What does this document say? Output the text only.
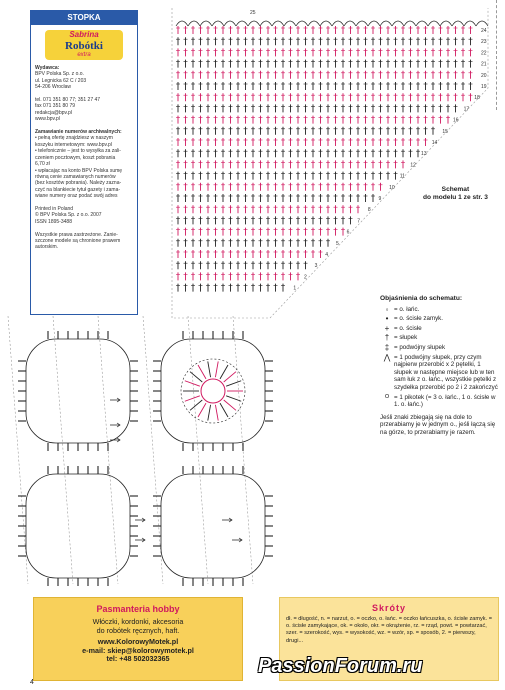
STOPKA
Sabrina
Robótki
extra
Wydawca:
BPV Polska Sp. z o.o.
ul. Legnicka 62 C / 203
54-206 Wrocław

tel. 071 351 80 77; 351 27 47
fax 071 351 80 79
redakcja@bpv.pl
www.bpv.pl

Zamawianie numerów archiwalnych:
• pełną ofertę znajdziesz w naszym
koszyku internetowym: www.bpv.pl
• telefonicznie – jest to wysyłka za zali-
czeniem pocztowym, koszt pobrania
6,70 zł
• wpłacając na konto BPV Polska sumę
równą cenie zamawianych numerów
(bez kosztów pobrania). Należy zazna-
czyć na blankiecie tytuł gazety i zama-
wiane numery oraz podać swój adres

Printed in Poland
© BPV Polska Sp. z o.o. 2007
ISSN 1895-3488

Wszystkie prawa zastrzeżone. Zanie-
szczone modele są chronione prawem
autorskim.
24
23
22
21
20
19
18
17
16
15
14
13
12
11
10
9
8
7
6
5
4
3
2
1
25
Schemat
do modelu 1 ze str. 3
Objaśnienia do schematu:
◦ = o. łańc.
• = o. ścisłe zamyk.
+ = o. ścisłe
† = słupek
‡ = podwójny słupek
⋀ = 1 podwójny słupek, przy czym najpierw przerobić x 2 pętelki, 1 słupek w następne miejsce lub w ten sam łuk z o. łańc., wszystkie pętelki z szydełka przerobić po 2 i 2 zakończyć
ᴼ = 1 pikotek (= 3 o. łańc., 1 o. ścisłe w 1. o. łańc.)
Jeśli znaki zbiegają się na dole to przerabiamy je w jednym o., jeśli łączą się na górze, to przerabiamy je razem.
Pasmanteria hobby
Włóczki, kordonki, akcesoria
do robótek ręcznych, haft.
www.KolorowyMotek.pl
e-mail: skiep@kolorowymotek.pl
tel: +48 502032365
Skróty
dł. = długość, n. = narzut, o. = oczko, o. łańc. = oczko łańcuszka, o. ścisłe zamyk. = o. ścisłe zamykające, ok. = około, okr. = okrążenie, rz. = rząd, powt. = powtarzać, szer. = szerokość, wys. = wysokość, wz. = wzór, sp. = sposób, 2. = pierwszy, drugi...
4
PassionForum.ru
